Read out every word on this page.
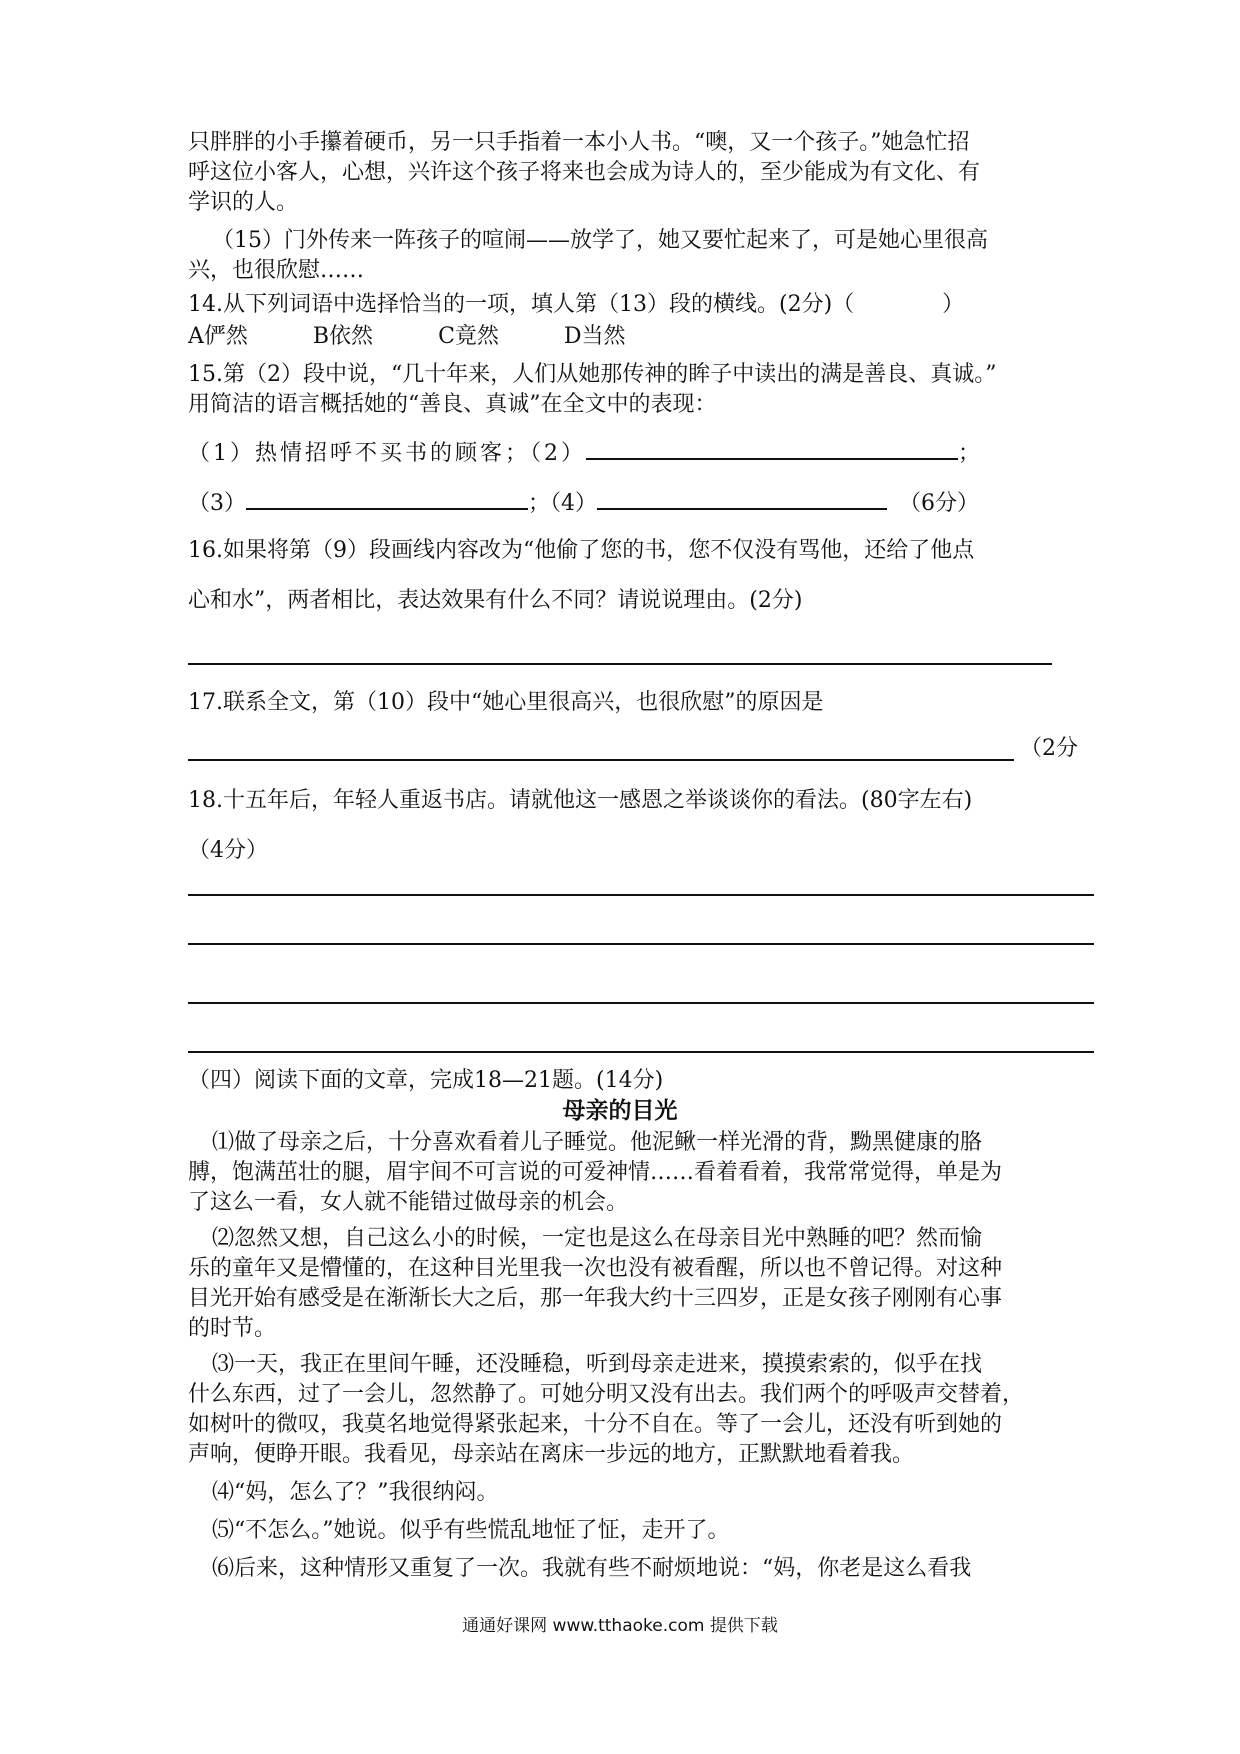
只胖胖的小手攥着硬币，另一只手指着一本小人书。“噢，又一个孩子。”她急忙招
呼这位小客人，心想，兴许这个孩子将来也会成为诗人的，至少能成为有文化、有
学识的人。
（15）门外传来一阵孩子的喧闹——放学了，她又要忙起来了，可是她心里很高
兴，也很欣慰……
14.从下列词语中选择恰当的一项，填人第（13）段的横线。(2分)（　　　　）
A俨然	B依然	C竟然	D当然
15.第（2）段中说，“几十年来，人们从她那传神的眸子中读出的满是善良、真诚。”
用简洁的语言概括她的“善良、真诚”在全文中的表现：
（1）热情招呼不买书的顾客；（2）	；
（3）	；（4）	（6分）
16.如果将第（9）段画线内容改为“他偷了您的书，您不仅没有骂他，还给了他点
心和水”，两者相比，表达效果有什么不同？请说说理由。(2分)
17.联系全文，第（10）段中“她心里很高兴，也很欣慰”的原因是
（2分
18.十五年后，年轻人重返书店。请就他这一感恩之举谈谈你的看法。(80字左右)
（4分）
（四）阅读下面的文章，完成18—21题。(14分)
母亲的目光
⑴做了母亲之后，十分喜欢看着儿子睡觉。他泥鳅一样光滑的背，黝黑健康的胳
膊，饱满茁壮的腿，眉宇间不可言说的可爱神情……看着看着，我常常觉得，单是为
了这么一看，女人就不能错过做母亲的机会。
⑵忽然又想，自己这么小的时候，一定也是这么在母亲目光中熟睡的吧？然而愉
乐的童年又是懵懂的，在这种目光里我一次也没有被看醒，所以也不曾记得。对这种
目光开始有感受是在渐渐长大之后，那一年我大约十三四岁，正是女孩子刚刚有心事
的时节。
⑶一天，我正在里间午睡，还没睡稳，听到母亲走进来，摸摸索索的，似乎在找
什么东西，过了一会儿，忽然静了。可她分明又没有出去。我们两个的呼吸声交替着，
如树叶的微叹，我莫名地觉得紧张起来，十分不自在。等了一会儿，还没有听到她的
声响，便睁开眼。我看见，母亲站在离床一步远的地方，正默默地看着我。
⑷“妈，怎么了？”我很纳闷。
⑸“不怎么。”她说。似乎有些慌乱地怔了怔，走开了。
⑹后来，这种情形又重复了一次。我就有些不耐烦地说：“妈，你老是这么看我
通通好课网 www.tthaoke.com 提供下载
